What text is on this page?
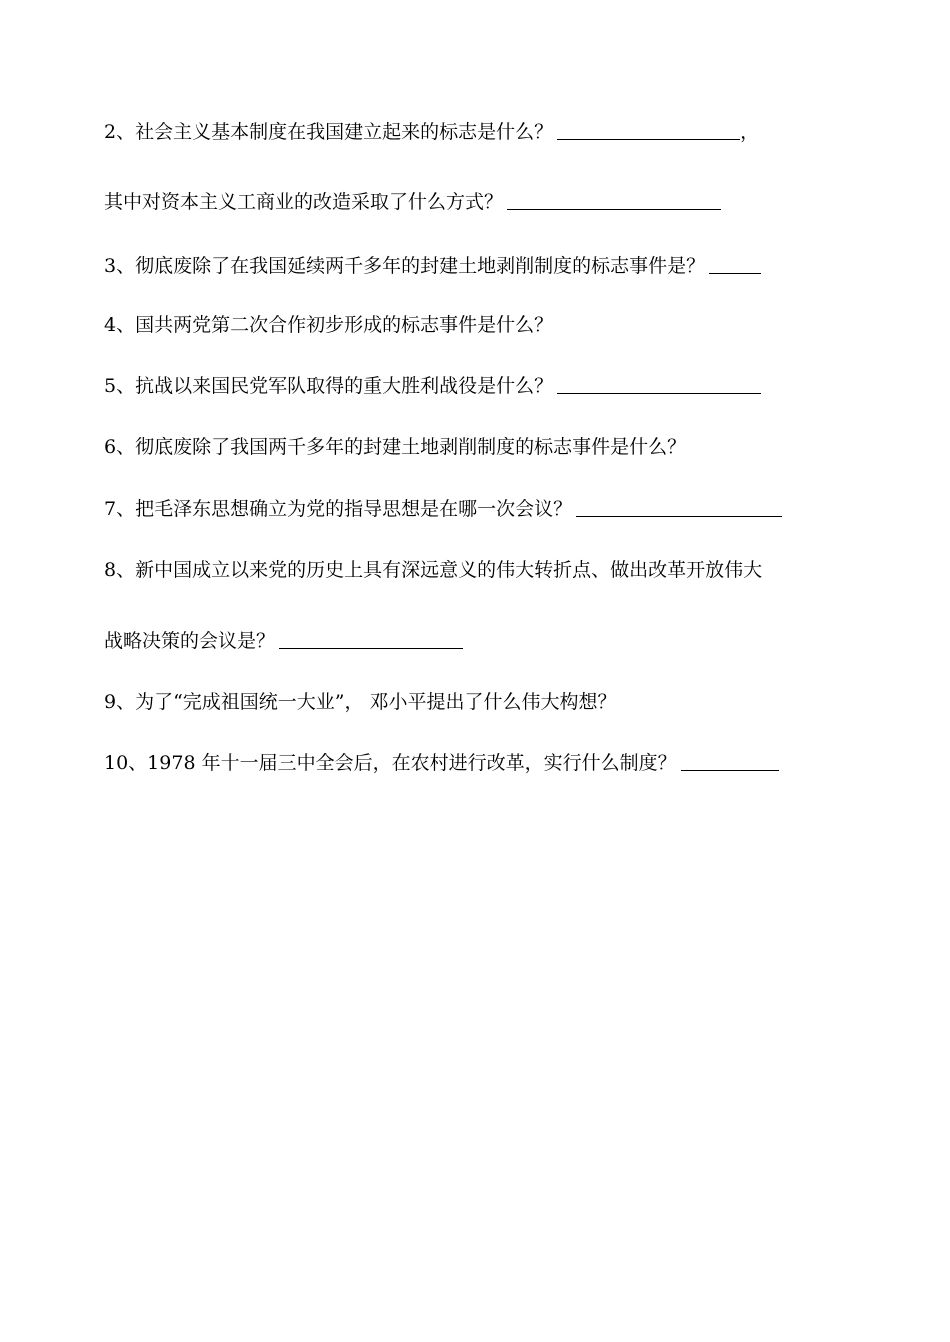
2、社会主义基本制度在我国建立起来的标志是什么？	，
其中对资本主义工商业的改造采取了什么方式？
3、彻底废除了在我国延续两千多年的封建土地剥削制度的标志事件是？
4、国共两党第二次合作初步形成的标志事件是什么？
5、抗战以来国民党军队取得的重大胜利战役是什么？
6、彻底废除了我国两千多年的封建土地剥削制度的标志事件是什么？
7、把毛泽东思想确立为党的指导思想是在哪一次会议？
8、新中国成立以来党的历史上具有深远意义的伟大转折点、做出改革开放伟大
战略决策的会议是？
9、为了“完成祖国统一大业”， 邓小平提出了什么伟大构想？
10、1978 年十一届三中全会后，在农村进行改革，实行什么制度？
